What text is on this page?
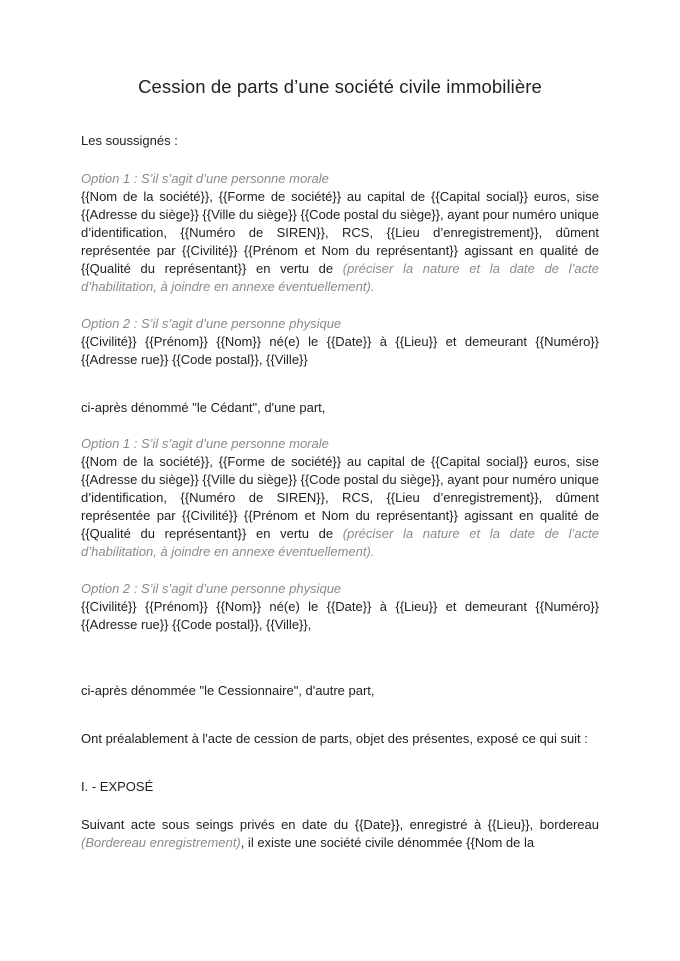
Cession de parts d’une société civile immobilière

Les soussignés :

Option 1 : S’il s’agit d’une personne morale

{{Nom de la société}}, {{Forme de société}} au capital de {{Capital social}} euros, sise {{Adresse du siège}} {{Ville du siège}} {{Code postal du siège}}, ayant pour numéro unique d’identification, {{Numéro de SIREN}}, RCS, {{Lieu d’enregistrement}}, dûment représentée par {{Civilité}} {{Prénom et Nom du représentant}} agissant en qualité de {{Qualité du représentant}} en vertu de (préciser la nature et la date de l’acte d’habilitation, à joindre en annexe éventuellement).

Option 2 : S’il s’agit d’une personne physique

{{Civilité}} {{Prénom}} {{Nom}} né(e) le {{Date}} à {{Lieu}} et demeurant {{Numéro}} {{Adresse rue}} {{Code postal}}, {{Ville}}

ci-après dénommé "le Cédant", d'une part,

Option 1 : S’il s’agit d’une personne morale

{{Nom de la société}}, {{Forme de société}} au capital de {{Capital social}} euros, sise {{Adresse du siège}} {{Ville du siège}} {{Code postal du siège}}, ayant pour numéro unique d’identification, {{Numéro de SIREN}}, RCS, {{Lieu d’enregistrement}}, dûment représentée par {{Civilité}} {{Prénom et Nom du représentant}} agissant en qualité de {{Qualité du représentant}} en vertu de (préciser la nature et la date de l’acte d’habilitation, à joindre en annexe éventuellement).

Option 2 : S’il s’agit d’une personne physique

{{Civilité}} {{Prénom}} {{Nom}} né(e) le {{Date}} à {{Lieu}} et demeurant {{Numéro}} {{Adresse rue}} {{Code postal}}, {{Ville}},

ci-après dénommée "le Cessionnaire", d'autre part,

Ont préalablement à l'acte de cession de parts, objet des présentes, exposé ce qui suit :

I. - EXPOSÉ

Suivant acte sous seings privés en date du {{Date}}, enregistré à {{Lieu}}, bordereau (Bordereau enregistrement), il existe une société civile dénommée {{Nom de la
